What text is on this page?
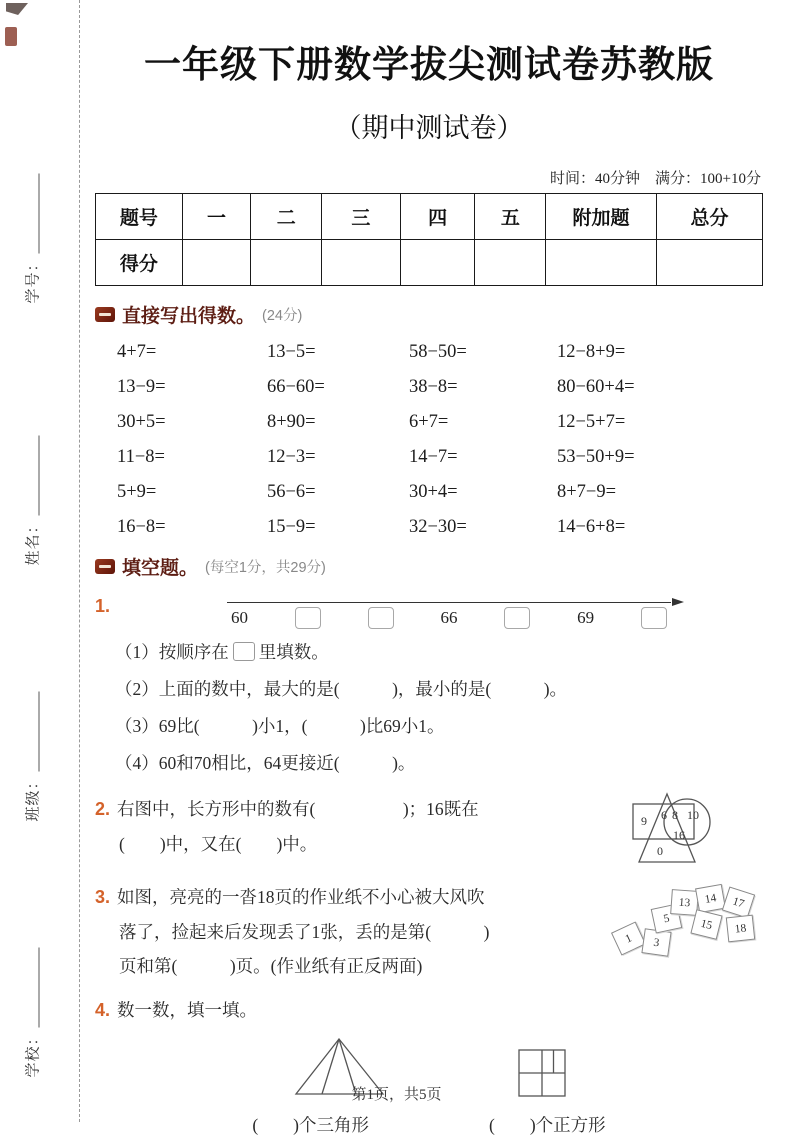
学号：
姓名：
班级：
学校：
一年级下册数学拔尖测试卷苏教版
（期中测试卷）
时间：40分钟　满分：100+10分
题号	一	二	三	四	五	附加题	总分
得分							
直接写出得数。 (24分)
4+7=	13−5=	58−50=	12−8+9=
13−9=	66−60=	38−8=	80−60+4=
30+5=	8+90=	6+7=	12−5+7=
11−8=	12−3=	14−7=	53−50+9=
5+9=	56−6=	30+4=	8+7−9=
16−8=	15−9=	32−30=	14−6+8=
填空题。 (每空1分，共29分)
1.
60	66	69

（1）按顺序在 里填数。

（2）上面的数中，最大的是(　　　)，最小的是(　　　)。

（3）69比(　　　)小1，(　　　)比69小1。

（4）60和70相比，64更接近(　　　)。

2. 右图中，长方形中的数有(　　　　　)；16既在

(　　)中，又在(　　)中。

9 6 8 10
16
0

3. 如图，亮亮的一沓18页的作业纸不小心被大风吹

落了，捡起来后发现丢了1张，丢的是第(　　　)

页和第(　　　)页。(作业纸有正反两面)

1	3
5
13	14
15
17
18
4. 数一数，填一填。
(　　)个三角形	(　　)个正方形
第1页，共5页
